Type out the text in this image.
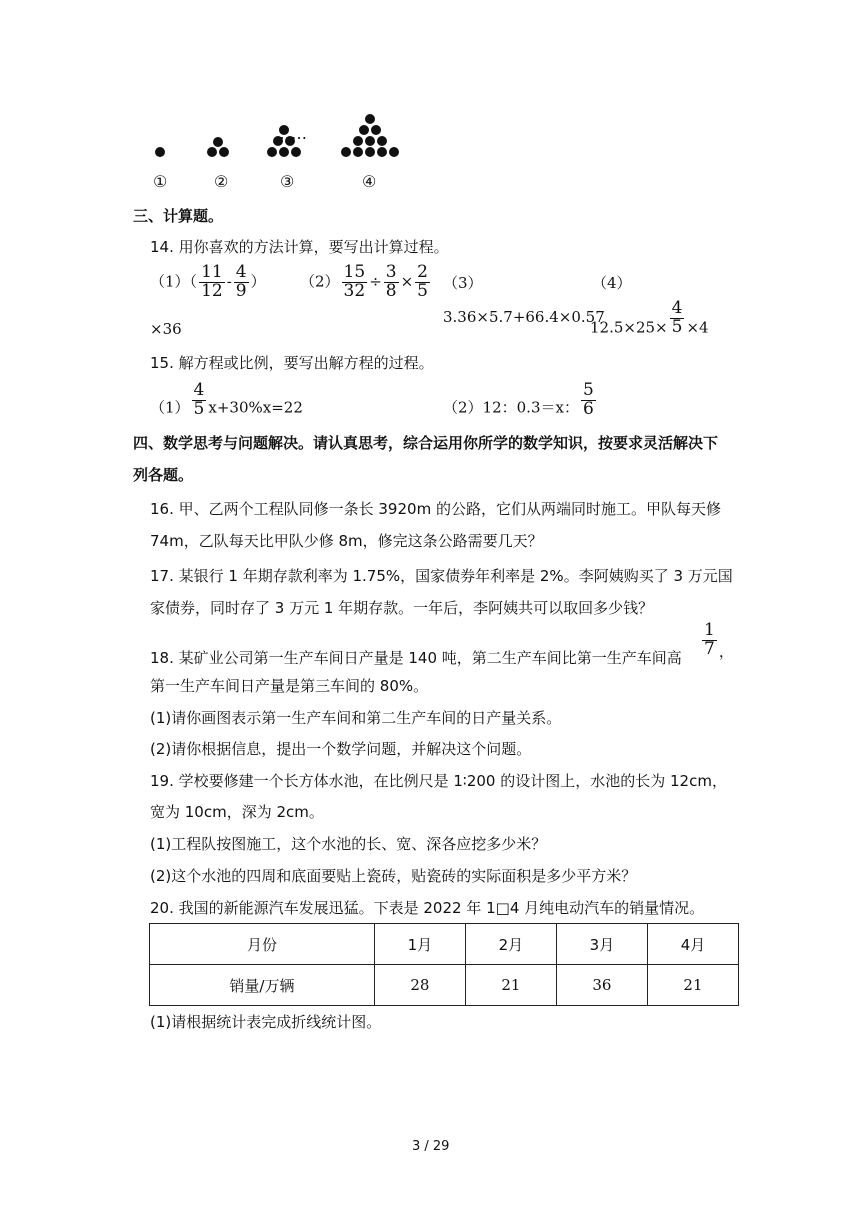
……
①	②	③	④
三、计算题。
14. 用你喜欢的方法计算，要写出计算过程。
$(1)( \frac{11}{12} - \frac{4}{9}$ ）
×36
$(2) \frac{15}{32} \div \frac{3}{8} \times \frac{2}{5} (3)$
3.36×5.7+66.4×0.57
（4）
$12.5\times 25\times \frac{4}{5} \times 4$
15. 解方程或比例，要写出解方程的过程。
$(1) \frac{4}{5} x+30\%x=22$	（2）12：0.3＝x： $\frac{5}{6}$
四、数学思考与问题解决。请认真思考，综合运用你所学的数学知识，按要求灵活解决下
列各题。
16. 甲、乙两个工程队同修一条长 3920m 的公路，它们从两端同时施工。甲队每天修
74m，乙队每天比甲队少修 8m，修完这条公路需要几天？
17. 某银行 1 年期存款利率为 1.75%，国家债券年利率是 2%。李阿姨购买了 3 万元国
家债券，同时存了 3 万元 1 年期存款。一年后，李阿姨共可以取回多少钱？
18. 某矿业公司第一生产车间日产量是 140 吨，第二生产车间比第一生产车间高 $\frac{1}{7}$ ，
第一生产车间日产量是第三车间的 80%。
(1)请你画图表示第一生产车间和第二生产车间的日产量关系。
(2)请你根据信息，提出一个数学问题，并解决这个问题。
19. 学校要修建一个长方体水池，在比例尺是 1∶200 的设计图上，水池的长为 12cm，
宽为 10cm，深为 2cm。
(1)工程队按图施工，这个水池的长、宽、深各应挖多少米？
(2)这个水池的四周和底面要贴上瓷砖，贴瓷砖的实际面积是多少平方米？
20. 我国的新能源汽车发展迅猛。下表是 2022 年 1□4 月纯电动汽车的销量情况。
月份	1月	2月	3月	4月
销量/万辆	28	21	36	21
(1)请根据统计表完成折线统计图。
3 / 29
